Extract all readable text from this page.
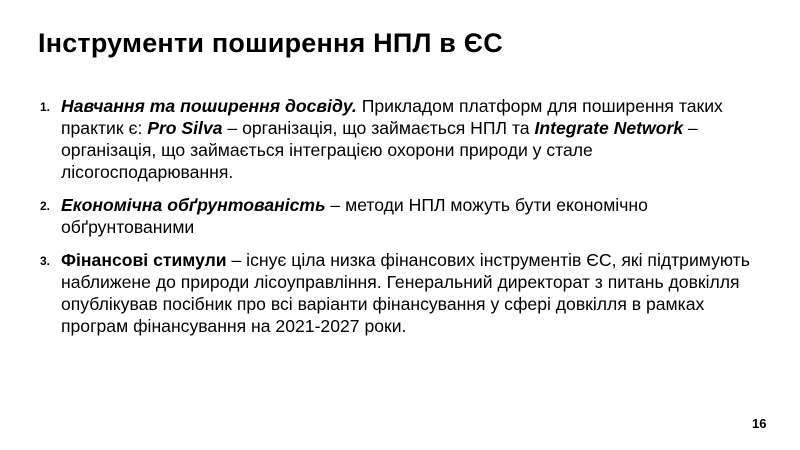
Інструменти поширення НПЛ в ЄС
1. Навчання та поширення досвіду. Прикладом платформ для поширення таких практик є: Pro Silva – організація, що займається НПЛ та Integrate Network – організація, що займається інтеграцією охорони природи у сталe лісогосподарювання.
2. Економічна обґрунтованість – методи НПЛ можуть бути економічно обґрунтованими
3. Фінансові стимули – існує ціла низка фінансових інструментів ЄС, які підтримують наближене до природи лісоуправління. Генеральний директорат з питань довкілля опублікував посібник про всі варіанти фінансування у сфері довкілля в рамках програм фінансування на 2021-2027 роки.
16
